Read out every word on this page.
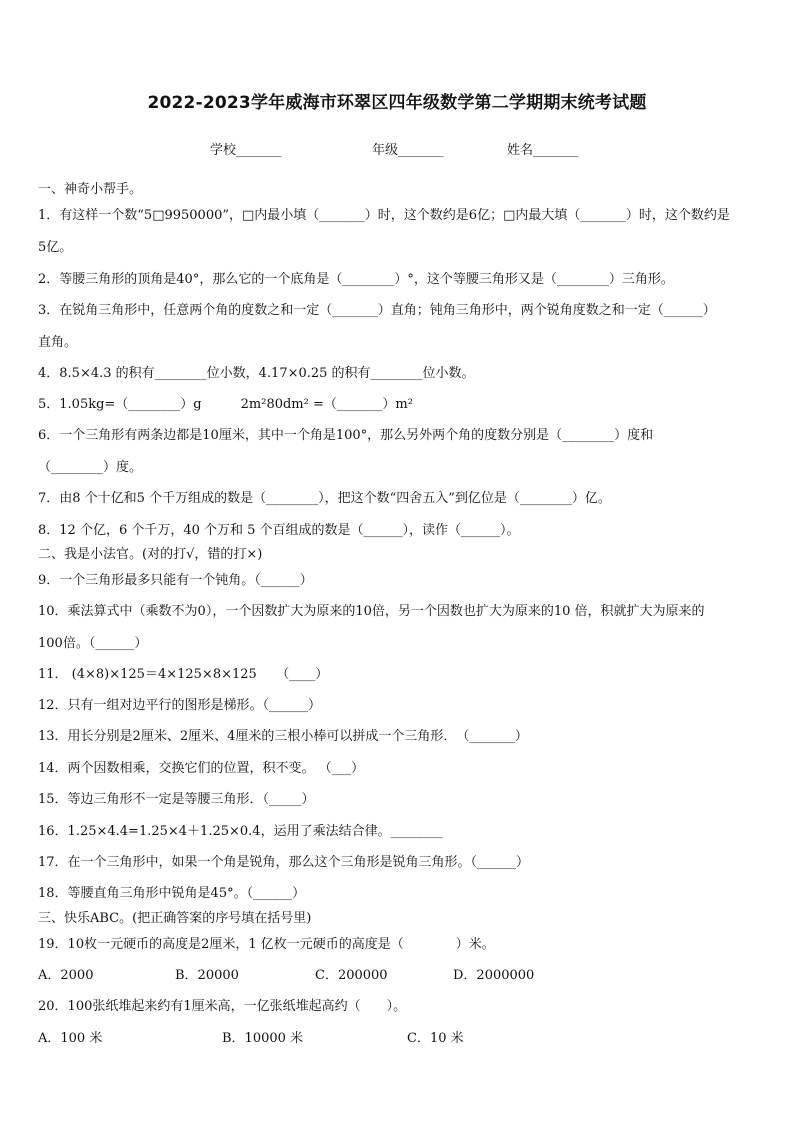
2022-2023学年威海市环翠区四年级数学第二学期期末统考试题
学校_______	年级_______	姓名_______
一、神奇小帮手。
1．有这样一个数“5□9950000”，□内最小填（_______）时，这个数约是6亿；□内最大填（_______）时，这个数约是
5亿。
2．等腰三角形的顶角是40°，那么它的一个底角是（________）°，这个等腰三角形又是（________）三角形。
3．在锐角三角形中，任意两个角的度数之和一定（_______）直角；钝角三角形中，两个锐角度数之和一定（______）
直角。
4．8.5×4.3 的积有________位小数，4.17×0.25 的积有________位小数。
5．1.05kg=（________）g　　　2m²80dm² =（_______）m²
6．一个三角形有两条边都是10厘米，其中一个角是100°，那么另外两个角的度数分别是（________）度和
（________）度。
7．由8 个十亿和5 个千万组成的数是（________），把这个数“四舍五入”到亿位是（________）亿。
8．12 个亿，6 个千万，40 个万和 5 个百组成的数是（______），读作（______）。
二、我是小法官。(对的打√，错的打×)
9．一个三角形最多只能有一个钝角。（______）
10．乘法算式中（乘数不为0），一个因数扩大为原来的10倍，另一个因数也扩大为原来的10 倍，积就扩大为原来的
100倍。（______）
11． (4×8)×125＝4×125×8×125　　（____）
12．只有一组对边平行的图形是梯形。（______）
13．用长分别是2厘米、2厘米、4厘米的三根小棒可以拼成一个三角形．　（_______）
14．两个因数相乘，交换它们的位置，积不变。 （___）
15．等边三角形不一定是等腰三角形．（_____）
16．1.25×4.4=1.25×4＋1.25×0.4，运用了乘法结合律。________
17．在一个三角形中，如果一个角是锐角，那么这个三角形是锐角三角形。（______）
18．等腰直角三角形中锐角是45°。（______）
三、快乐ABC。(把正确答案的序号填在括号里)
19．10枚一元硬币的高度是2厘米，1 亿枚一元硬币的高度是（　　　　）米。
20．100张纸堆起来约有1厘米高，一亿张纸堆起高约（　　）。
A．2000	B．20000	C．200000	D．2000000
A．100 米	B．10000 米	C．10 米
